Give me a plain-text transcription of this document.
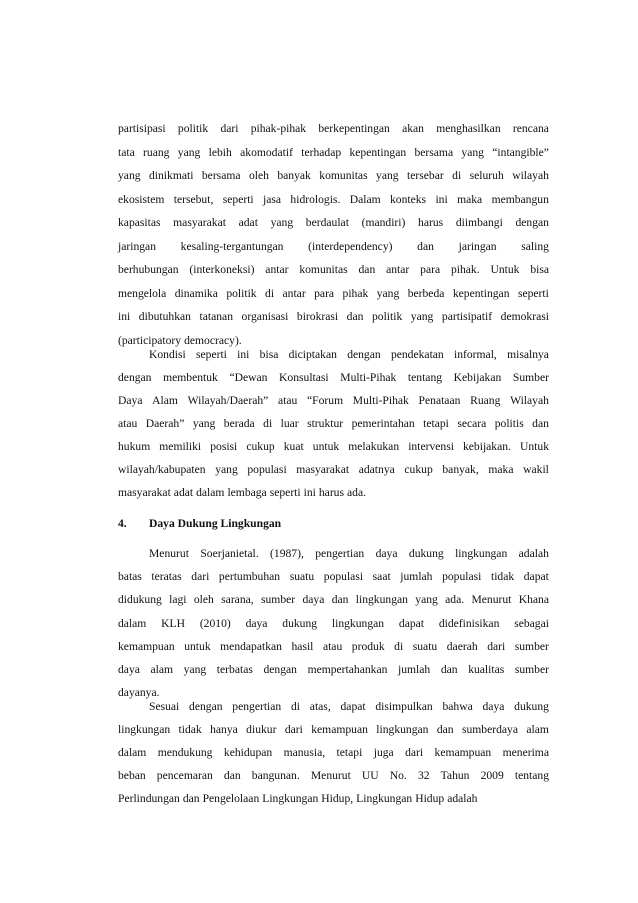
partisipasi politik dari pihak-pihak berkepentingan akan menghasilkan rencana
tata ruang yang lebih akomodatif terhadap kepentingan bersama yang “intangible”
yang dinikmati bersama oleh banyak komunitas yang tersebar di seluruh wilayah
ekosistem tersebut, seperti jasa hidrologis. Dalam konteks ini maka membangun
kapasitas masyarakat adat yang berdaulat (mandiri) harus diimbangi dengan
jaringan kesaling-tergantungan (interdependency) dan jaringan saling
berhubungan (interkoneksi) antar komunitas dan antar para pihak. Untuk bisa
mengelola dinamika politik di antar para pihak yang berbeda kepentingan seperti
ini dibutuhkan tatanan organisasi birokrasi dan politik yang partisipatif demokrasi
(participatory democracy).
Kondisi seperti ini bisa diciptakan dengan pendekatan informal, misalnya
dengan membentuk “Dewan Konsultasi Multi-Pihak tentang Kebijakan Sumber
Daya Alam Wilayah/Daerah” atau “Forum Multi-Pihak Penataan Ruang Wilayah
atau Daerah” yang berada di luar struktur pemerintahan tetapi secara politis dan
hukum memiliki posisi cukup kuat untuk melakukan intervensi kebijakan. Untuk
wilayah/kabupaten yang populasi masyarakat adatnya cukup banyak, maka wakil
masyarakat adat dalam lembaga seperti ini harus ada.
Menurut Soerjanietal. (1987), pengertian daya dukung lingkungan adalah
batas teratas dari pertumbuhan suatu populasi saat jumlah populasi tidak dapat
didukung lagi oleh sarana, sumber daya dan lingkungan yang ada. Menurut Khana
dalam KLH (2010) daya dukung lingkungan dapat didefinisikan sebagai
kemampuan untuk mendapatkan hasil atau produk di suatu daerah dari sumber
daya alam yang terbatas dengan mempertahankan jumlah dan kualitas sumber
dayanya.
Sesuai dengan pengertian di atas, dapat disimpulkan bahwa daya dukung
lingkungan tidak hanya diukur dari kemampuan lingkungan dan sumberdaya alam
dalam mendukung kehidupan manusia, tetapi juga dari kemampuan menerima
beban pencemaran dan bangunan. Menurut UU No. 32 Tahun 2009 tentang
Perlindungan dan Pengelolaan Lingkungan Hidup, Lingkungan Hidup adalah
4. Daya Dukung Lingkungan
